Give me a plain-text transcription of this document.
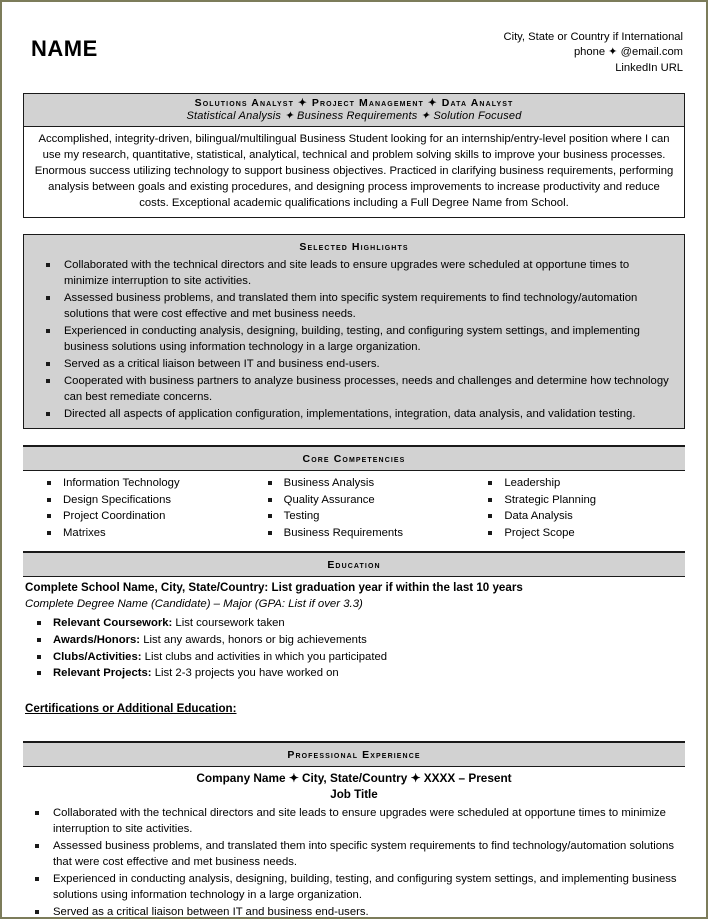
NAME	City, State or Country if International
phone ✦ @email.com
LinkedIn URL
Solutions Analyst ✦ Project Management ✦ Data Analyst
Statistical Analysis ✦ Business Requirements ✦ Solution Focused
Accomplished, integrity-driven, bilingual/multilingual Business Student looking for an internship/entry-level position where I can use my research, quantitative, statistical, analytical, technical and problem solving skills to improve your business processes. Enormous success utilizing technology to support business objectives. Practiced in clarifying business requirements, performing analysis between goals and existing procedures, and designing process improvements to increase productivity and reduce costs. Exceptional academic qualifications including a Full Degree Name from School.
Selected Highlights
Collaborated with the technical directors and site leads to ensure upgrades were scheduled at opportune times to minimize interruption to site activities.
Assessed business problems, and translated them into specific system requirements to find technology/automation solutions that were cost effective and met business needs.
Experienced in conducting analysis, designing, building, testing, and configuring system settings, and implementing business solutions using information technology in a large organization.
Served as a critical liaison between IT and business end-users.
Cooperated with business partners to analyze business processes, needs and challenges and determine how technology can best remediate concerns.
Directed all aspects of application configuration, implementations, integration, data analysis, and validation testing.
Core Competencies
Information Technology
Design Specifications
Project Coordination
Matrixes
Business Analysis
Quality Assurance
Testing
Business Requirements
Leadership
Strategic Planning
Data Analysis
Project Scope
Education
Complete School Name, City, State/Country: List graduation year if within the last 10 years
Complete Degree Name (Candidate) – Major (GPA: List if over 3.3)
Relevant Coursework: List coursework taken
Awards/Honors: List any awards, honors or big achievements
Clubs/Activities: List clubs and activities in which you participated
Relevant Projects: List 2-3 projects you have worked on
Certifications or Additional Education:
Professional Experience
Company Name ✦ City, State/Country ✦ XXXX – Present
Job Title
Collaborated with the technical directors and site leads to ensure upgrades were scheduled at opportune times to minimize interruption to site activities.
Assessed business problems, and translated them into specific system requirements to find technology/automation solutions that were cost effective and met business needs.
Experienced in conducting analysis, designing, building, testing, and configuring system settings, and implementing business solutions using information technology in a large organization.
Served as a critical liaison between IT and business end-users.
